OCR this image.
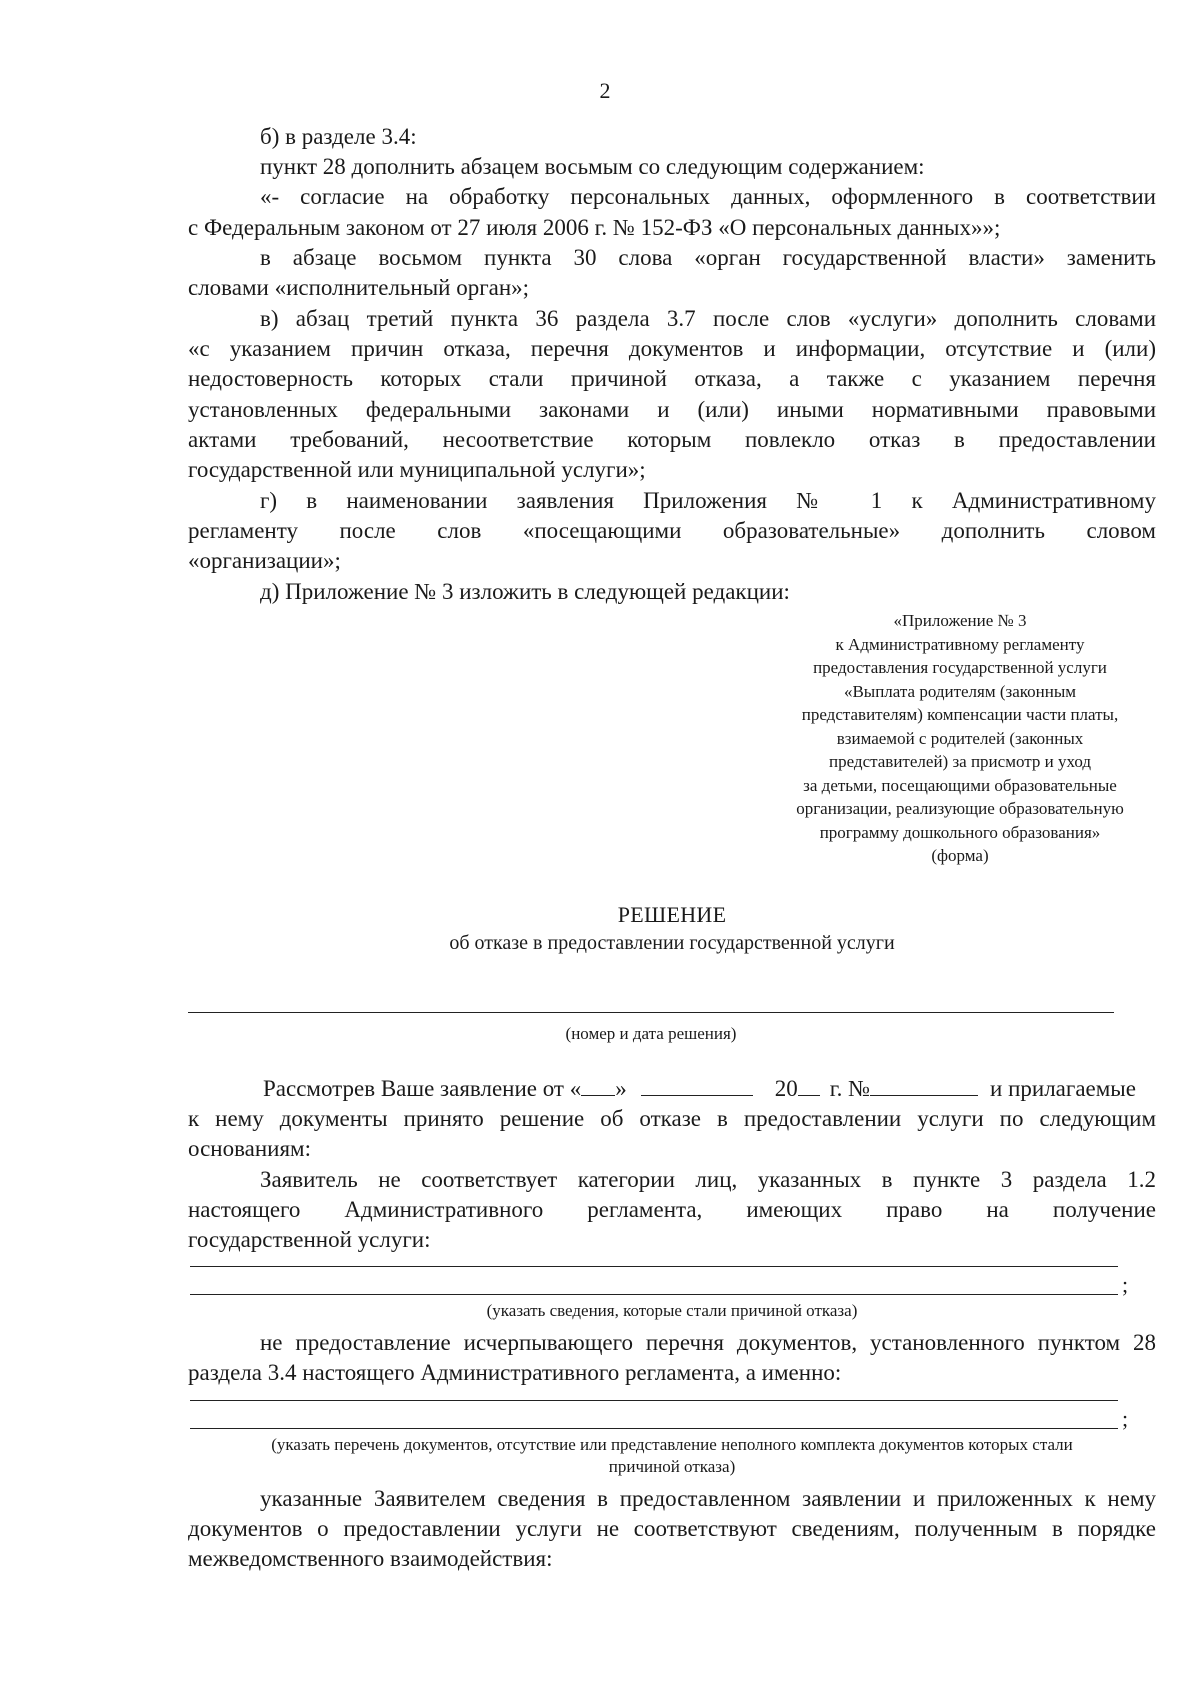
2

б) в разделе 3.4:

пункт 28 дополнить абзацем восьмым со следующим содержанием:

«- согласие на обработку персональных данных, оформленного в соответствии

с Федеральным законом от 27 июля 2006 г. № 152-ФЗ «О персональных данных»»;

в абзаце восьмом пункта 30 слова «орган государственной власти» заменить

словами «исполнительный орган»;

в) абзац третий пункта 36 раздела 3.7 после слов «услуги» дополнить словами

«с указанием причин отказа, перечня документов и информации, отсутствие и (или)

недостоверность которых стали причиной отказа, а также с указанием перечня

установленных федеральными законами и (или) иными нормативными правовыми

актами требований, несоответствие которым повлекло отказ в предоставлении

государственной или муниципальной услуги»;

г) в наименовании заявления Приложения № 1 к Административному

регламенту после слов «посещающими образовательные» дополнить словом

«организации»;

д) Приложение № 3 изложить в следующей редакции:

«Приложение № 3
к Административному регламенту
предоставления государственной услуги
«Выплата родителям (законным
представителям) компенсации части платы,
взимаемой с родителей (законных
представителей) за присмотр и уход
за детьми, посещающими образовательные
организации, реализующие образовательную
программу дошкольного образования»
(форма)
РЕШЕНИЕ
об отказе в предоставлении государственной услуги
(номер и дата решения)
Рассмотрев Ваше заявление от « »	20 г. №	и прилагаемые

к нему документы принято решение об отказе в предоставлении услуги по следующим

основаниям:

Заявитель не соответствует категории лиц, указанных в пункте 3 раздела 1.2

настоящего Административного регламента, имеющих право на получение

государственной услуги:

;
(указать сведения, которые стали причиной отказа)

не предоставление исчерпывающего перечня документов, установленного пунктом 28

раздела 3.4 настоящего Административного регламента, а именно:

;
(указать перечень документов, отсутствие или представление неполного комплекта документов которых стали
причиной отказа)

указанные Заявителем сведения в предоставленном заявлении и приложенных к нему

документов о предоставлении услуги не соответствуют сведениям, полученным в порядке

межведомственного взаимодействия:
